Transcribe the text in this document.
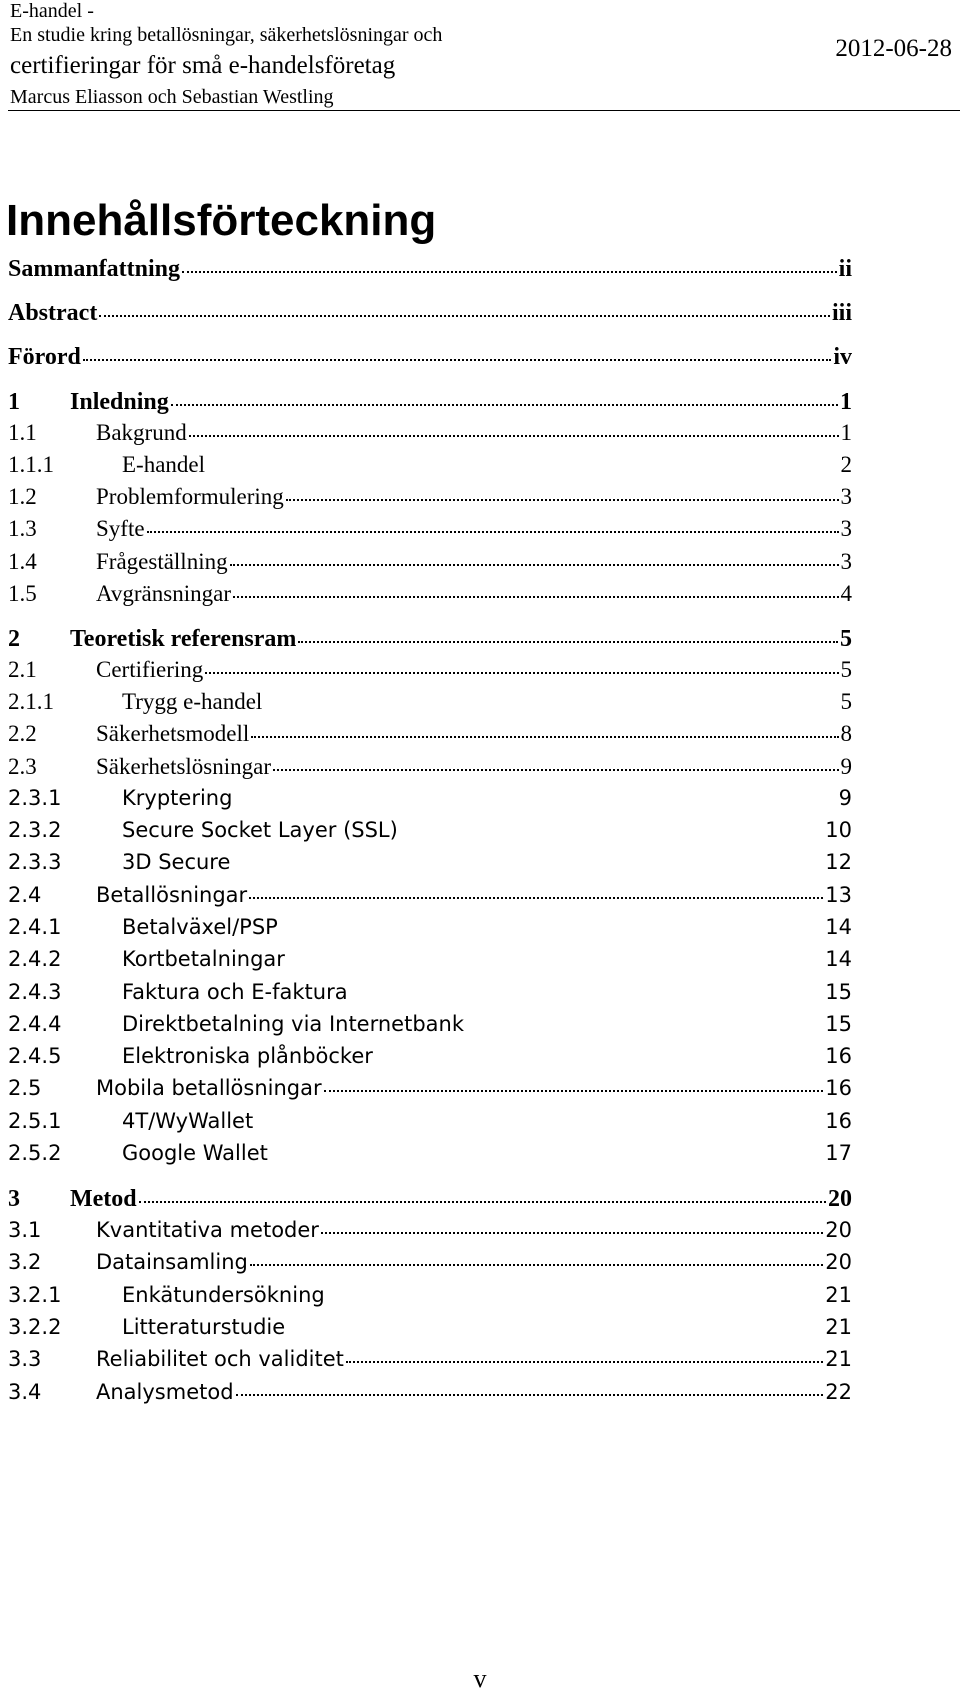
E-handel -
En studie kring betallösningar, säkerhetslösningar och
certifieringar för små e-handelsföretag
Marcus Eliasson och Sebastian Westling
2012-06-28
Innehållsförteckning
Sammanfattning	ii
Abstract	iii
Förord	iv
1	Inledning	1
1.1	Bakgrund	1
1.1.1	E-handel	2
1.2	Problemformulering	3
1.3	Syfte	3
1.4	Frågeställning	3
1.5	Avgränsningar	4
2	Teoretisk referensram	5
2.1	Certifiering	5
2.1.1	Trygg e-handel	5
2.2	Säkerhetsmodell	8
2.3	Säkerhetslösningar	9
2.3.1	Kryptering	9
2.3.2	Secure Socket Layer (SSL)	10
2.3.3	3D Secure	12
2.4	Betallösningar	13
2.4.1	Betalväxel/PSP	14
2.4.2	Kortbetalningar	14
2.4.3	Faktura och E-faktura	15
2.4.4	Direktbetalning via Internetbank	15
2.4.5	Elektroniska plånböcker	16
2.5	Mobila betallösningar	16
2.5.1	4T/WyWallet	16
2.5.2	Google Wallet	17
3	Metod	20
3.1	Kvantitativa metoder	20
3.2	Datainsamling	20
3.2.1	Enkätundersökning	21
3.2.2	Litteraturstudie	21
3.3	Reliabilitet och validitet	21
3.4	Analysmetod	22
v
